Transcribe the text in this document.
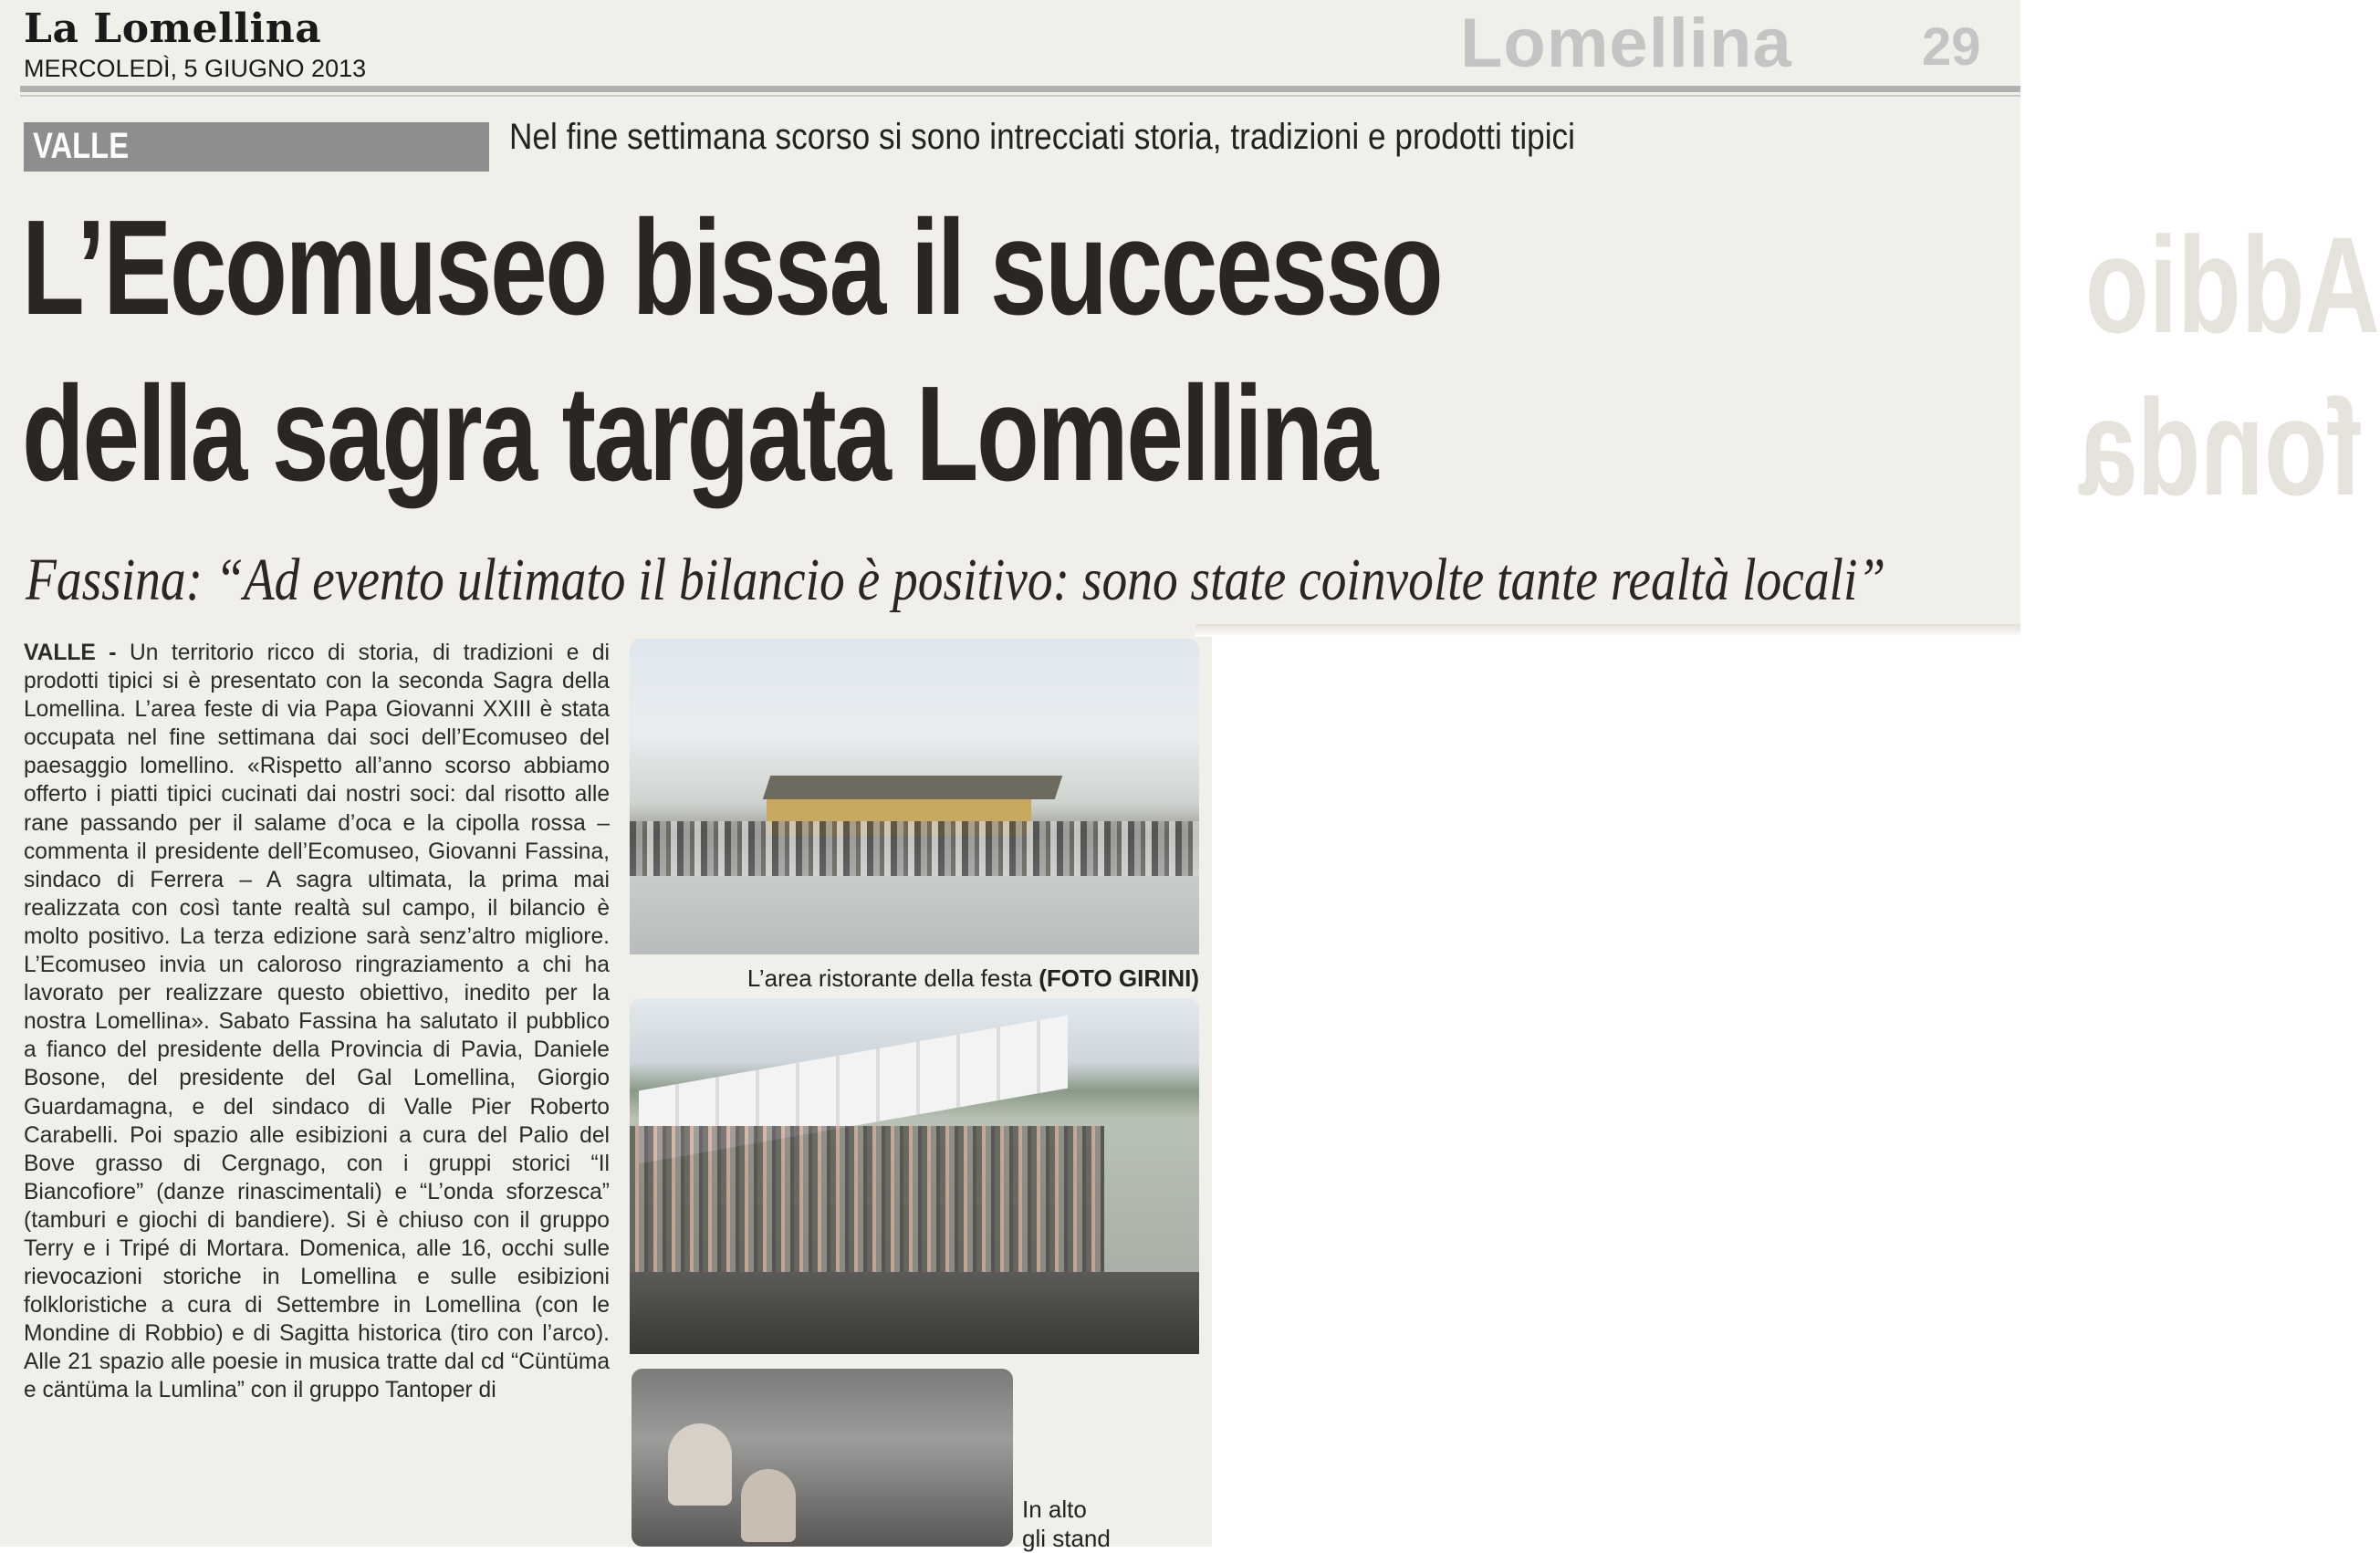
La Lomellina
MERCOLEDÌ, 5 GIUGNO 2013	Lomellina 29
VALLE	Nel fine settimana scorso si sono intrecciati storia, tradizioni e prodotti tipici
Addio
fonda
L’Ecomuseo bissa il successo
della sagra targata Lomellina
Fassina: “Ad evento ultimato il bilancio è positivo: sono state coinvolte tante realtà locali”

VALLE - Un territorio ricco di storia, di tradizioni e di prodotti tipici si è presentato con la seconda Sagra della Lomellina. L’area feste di via Papa Giovanni XXIII è stata occupata nel fine settimana dai soci dell’Ecomuseo del paesaggio lomellino. «Rispetto all’anno scorso abbiamo offerto i piatti tipici cucinati dai nostri soci: dal risotto alle rane passando per il salame d’oca e la cipolla rossa – commenta il presidente dell’Ecomuseo, Giovanni Fassina, sindaco di Ferrera – A sagra ultimata, la prima mai realizzata con così tante realtà sul campo, il bilancio è molto positivo. La terza edizione sarà senz’altro migliore. L’Ecomuseo invia un caloroso ringraziamento a chi ha lavorato per realizzare questo obiettivo, inedito per la nostra Lomellina». Sabato Fassina ha salutato il pubblico a fianco del presidente della Provincia di Pavia, Daniele Bosone, del presidente del Gal Lomellina, Giorgio Guardamagna, e del sindaco di Valle Pier Roberto Carabelli. Poi spazio alle esibizioni a cura del Palio del Bove grasso di Cergnago, con i gruppi storici “Il Biancofiore” (danze rinascimentali) e “L’onda sforzesca” (tamburi e giochi di bandiere). Si è chiuso con il gruppo Terry e i Tripé di Mortara. Domenica, alle 16, occhi sulle rievocazioni storiche in Lomellina e sulle esibizioni folkloristiche a cura di Settembre in Lomellina (con le Mondine di Robbio) e di Sagitta historica (tiro con l’arco). Alle 21 spazio alle poesie in musica tratte dal cd “Cüntüma e cäntüma la Lumlina” con il gruppo Tantoper di

L’area ristorante della festa (FOTO GIRINI)
In alto
gli stand
